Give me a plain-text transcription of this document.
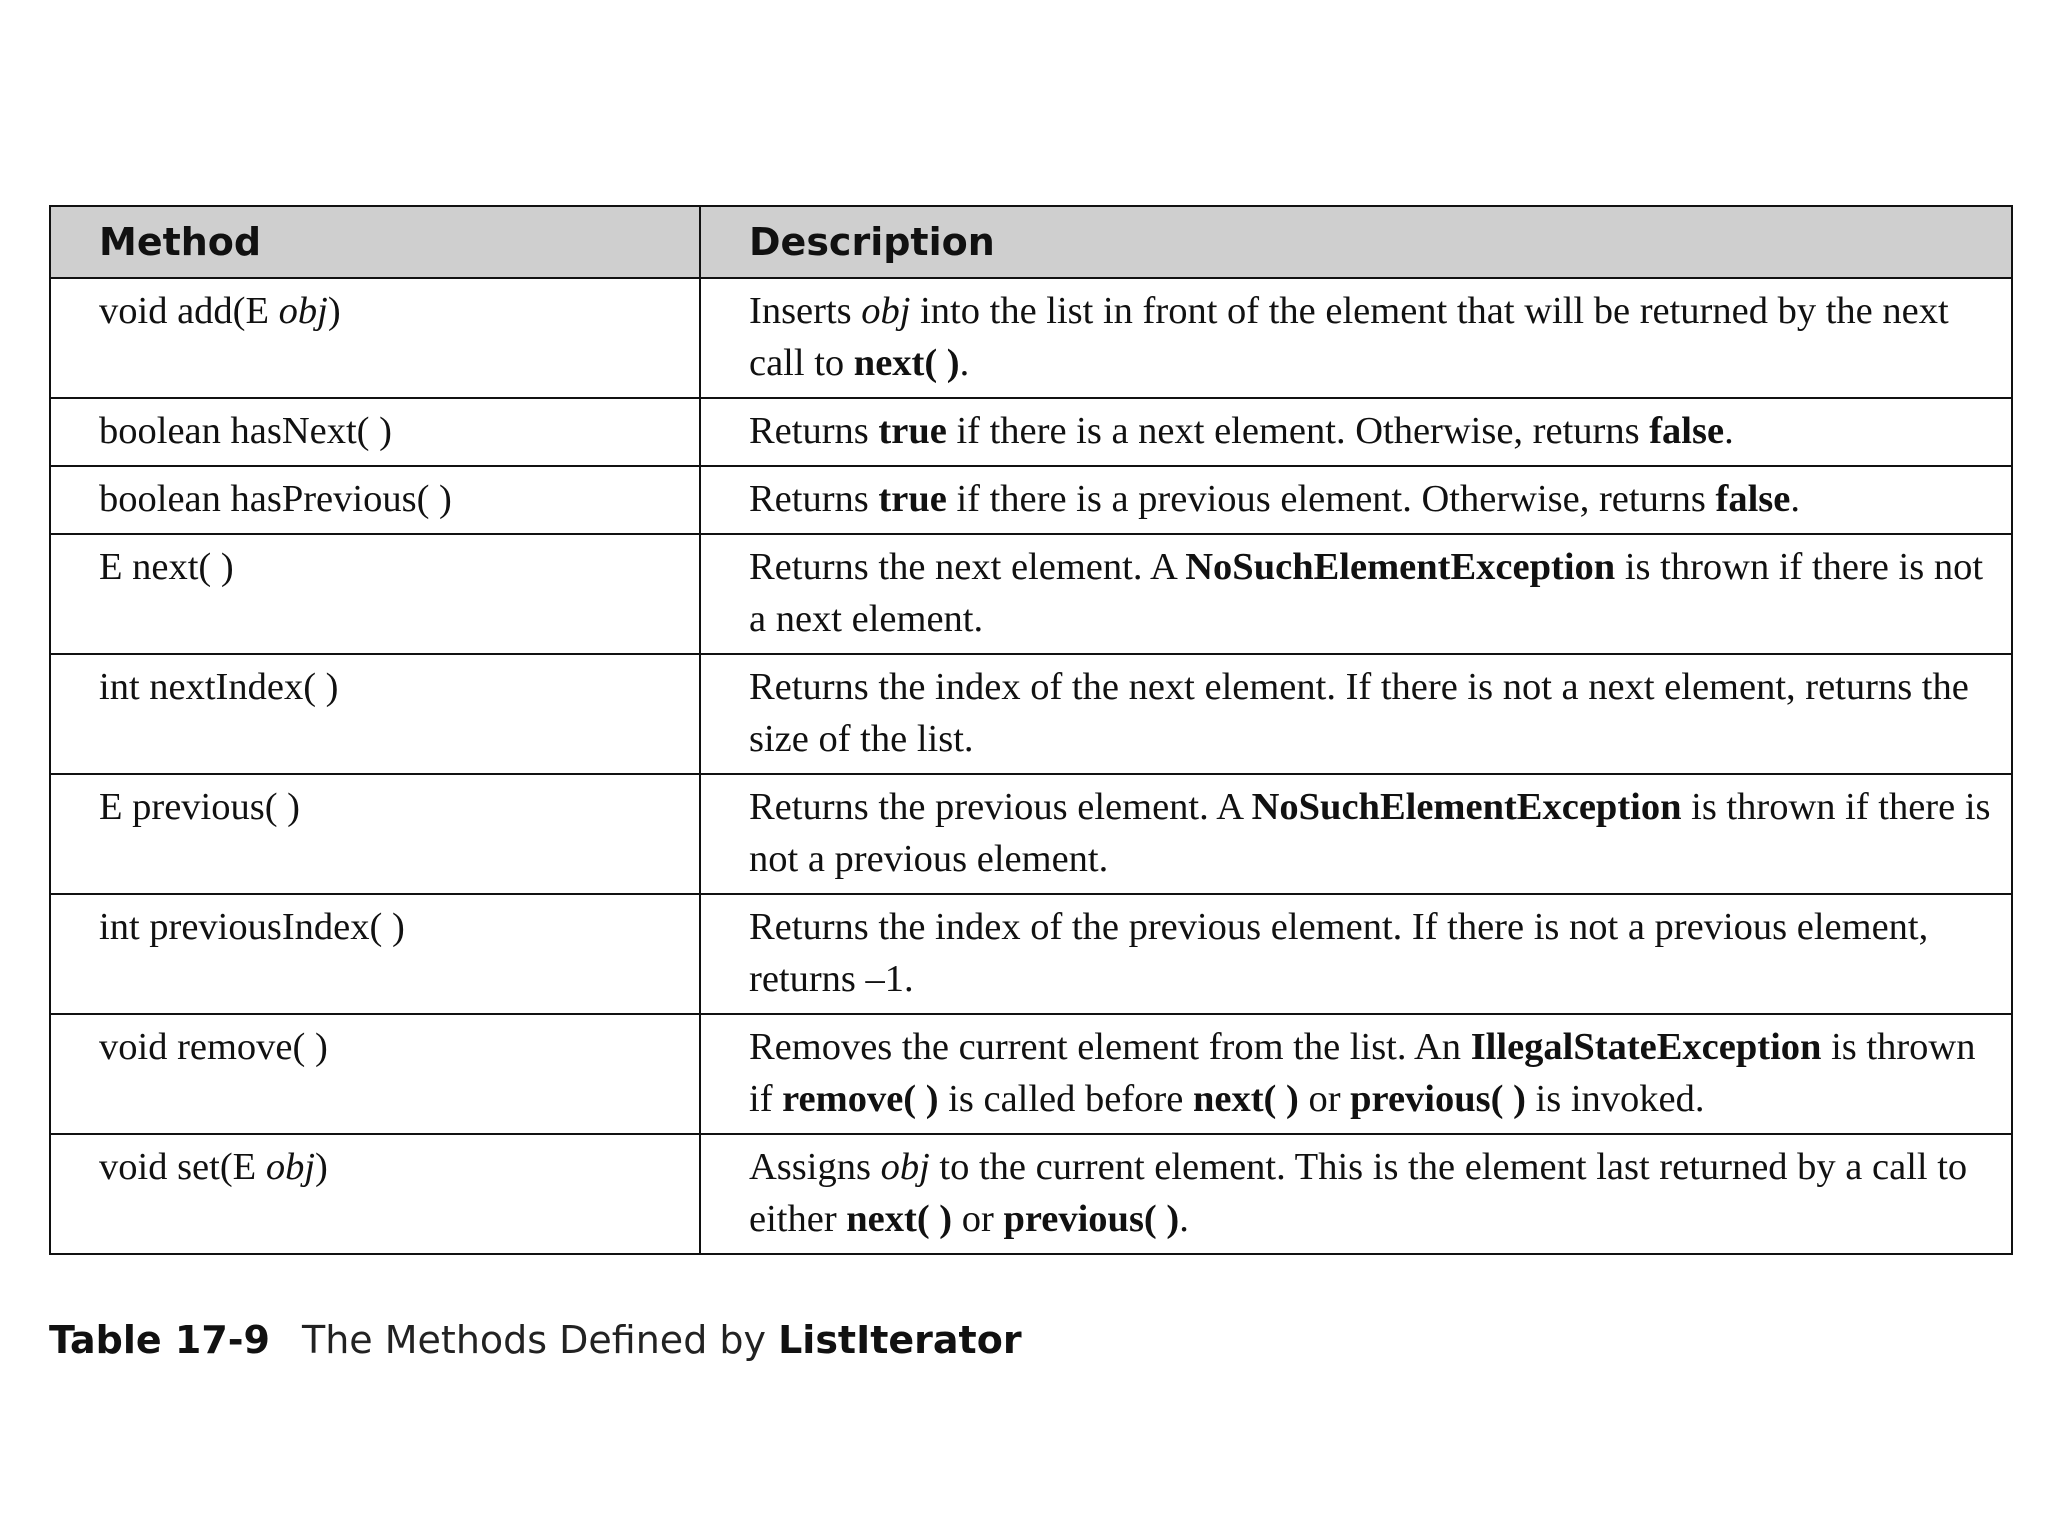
Method	Description
void add(E obj)	Inserts obj into the list in front of the element that will be returned by the next call to next( ).
boolean hasNext( )	Returns true if there is a next element. Otherwise, returns false.
boolean hasPrevious( )	Returns true if there is a previous element. Otherwise, returns false.
E next( )	Returns the next element. A NoSuchElementException is thrown if there is not a next element.
int nextIndex( )	Returns the index of the next element. If there is not a next element, returns the size of the list.
E previous( )	Returns the previous element. A NoSuchElementException is thrown if there is not a previous element.
int previousIndex( )	Returns the index of the previous element. If there is not a previous element, returns –1.
void remove( )	Removes the current element from the list. An IllegalStateException is thrown if remove( ) is called before next( ) or previous( ) is invoked.
void set(E obj)	Assigns obj to the current element. This is the element last returned by a call to either next( ) or previous( ).
Table 17-9 The Methods Defined by ListIterator
